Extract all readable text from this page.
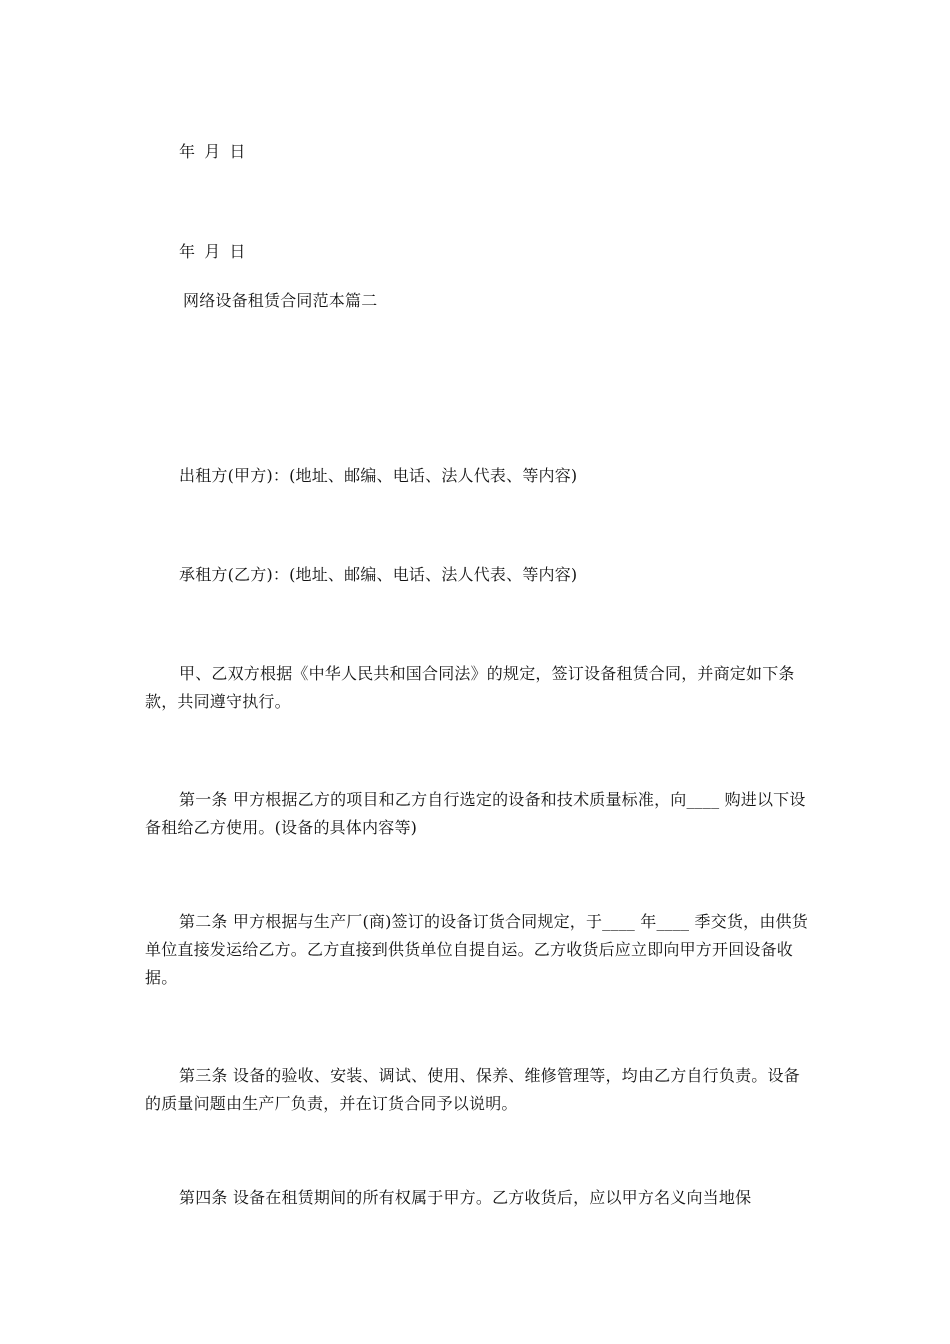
年 月 日
年 月 日
网络设备租赁合同范本篇二
出租方(甲方)：(地址、邮编、电话、法人代表、等内容)
承租方(乙方)：(地址、邮编、电话、法人代表、等内容)
甲、乙双方根据《中华人民共和国合同法》的规定，签订设备租赁合同，并商定如下条款，共同遵守执行。
第一条 甲方根据乙方的项目和乙方自行选定的设备和技术质量标准，向____ 购进以下设备租给乙方使用。(设备的具体内容等)
第二条 甲方根据与生产厂(商)签订的设备订货合同规定，于____ 年____ 季交货，由供货单位直接发运给乙方。乙方直接到供货单位自提自运。乙方收货后应立即向甲方开回设备收据。
第三条 设备的验收、安装、调试、使用、保养、维修管理等，均由乙方自行负责。设备的质量问题由生产厂负责，并在订货合同予以说明。
第四条 设备在租赁期间的所有权属于甲方。乙方收货后，应以甲方名义向当地保
